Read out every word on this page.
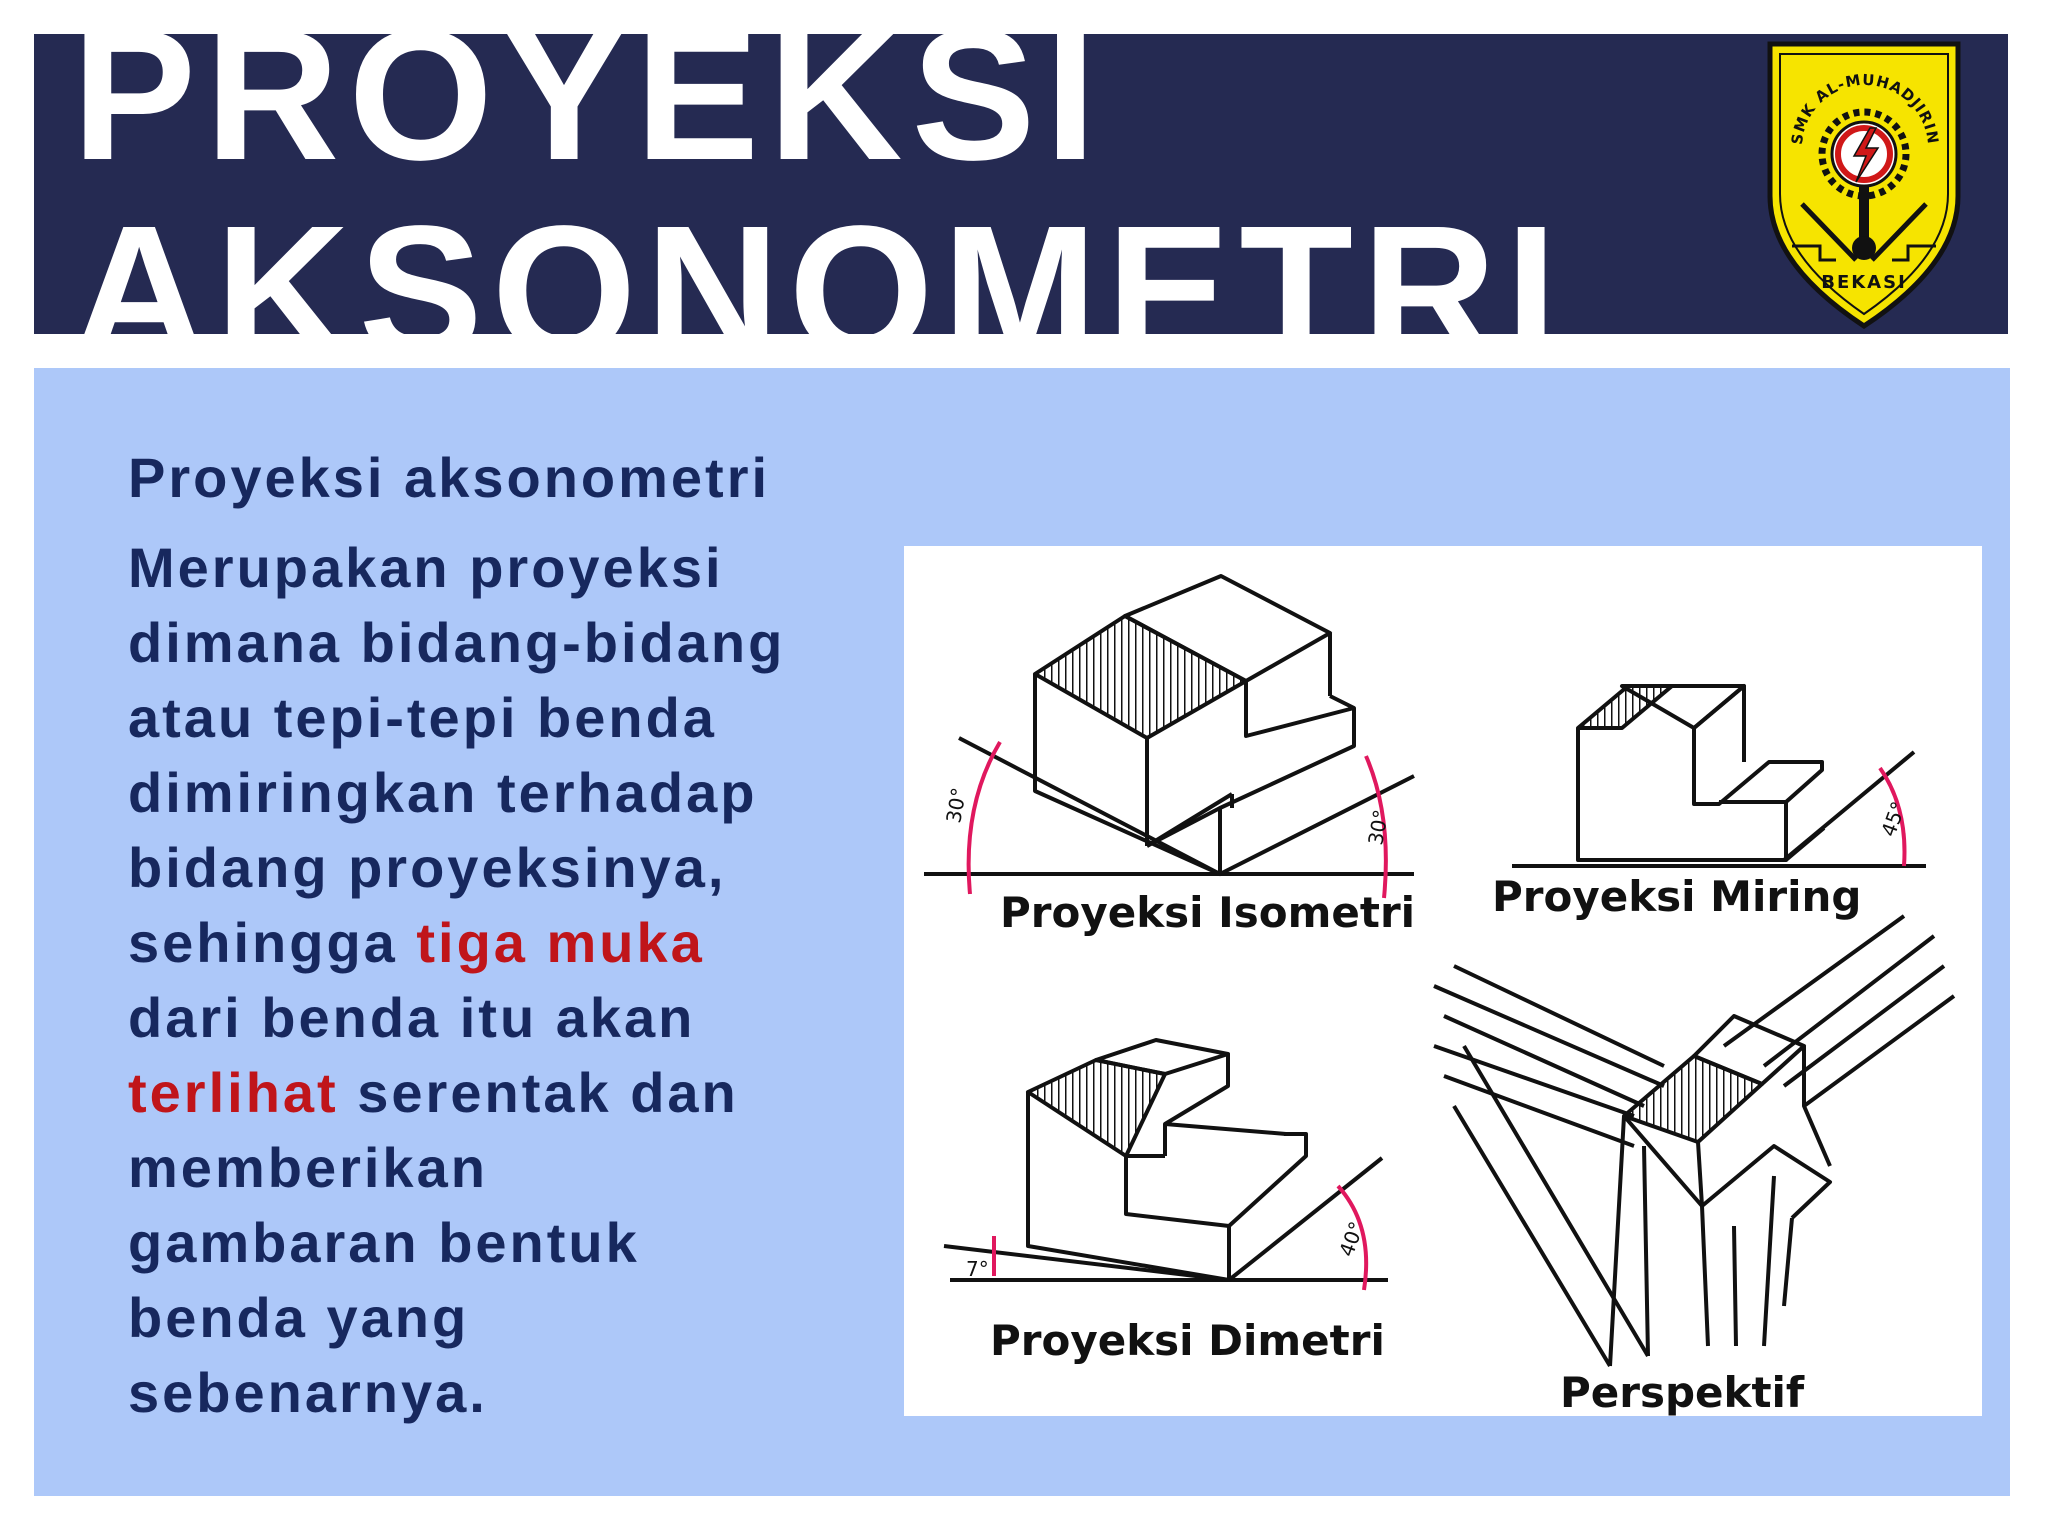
PROYEKSI
AKSONOMETRI
SMK AL-MUHADJIRIN
BEKASI
Proyeksi aksonometri
Merupakan proyeksi
dimana bidang-bidang
atau tepi-tepi benda
dimiringkan terhadap
bidang proyeksinya,
sehingga tiga muka
dari benda itu akan
terlihat serentak dan
memberikan
gambaran bentuk
benda yang
sebenarnya.
30°
30°	45°
7°
40°
Proyeksi Isometri Proyeksi Miring
Proyeksi Dimetri
Perspektif
